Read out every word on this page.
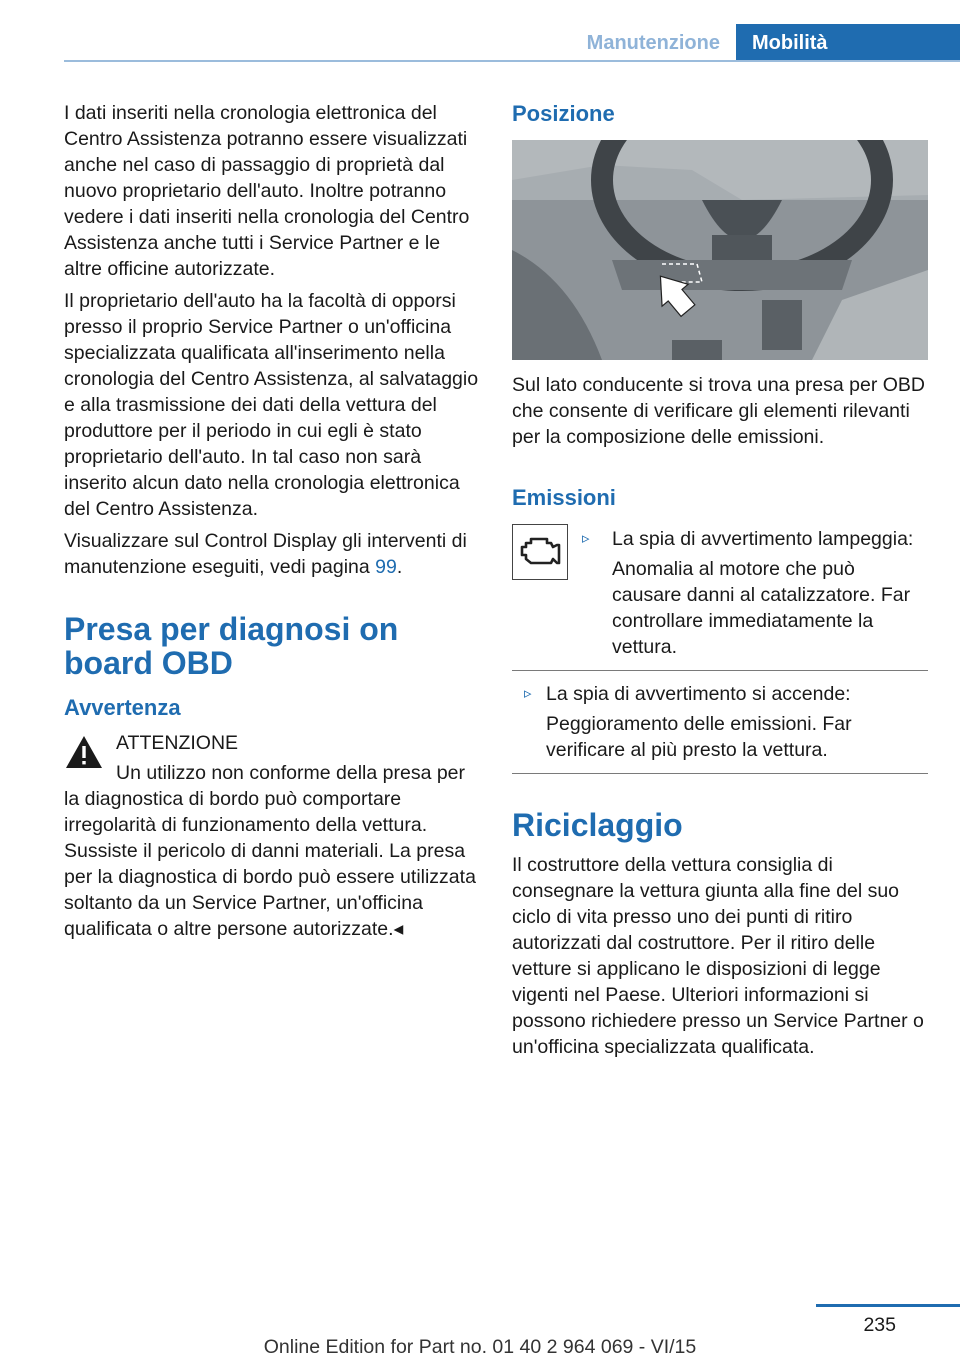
Manutenzione	Mobilità

I dati inseriti nella cronologia elettronica del Centro Assistenza potranno essere visualizzati anche nel caso di passaggio di proprietà dal nuovo proprietario dell'auto. Inoltre potranno vedere i dati inseriti nella cronologia del Centro Assistenza anche tutti i Service Partner e le altre officine autorizzate.

Il proprietario dell'auto ha la facoltà di opporsi presso il proprio Service Partner o un'officina specializzata qualificata all'inserimento nella cronologia del Centro Assistenza, al salvataggio e alla trasmissione dei dati della vettura del produttore per il periodo in cui egli è stato proprietario dell'auto. In tal caso non sarà inserito alcun dato nella cronologia elettronica del Centro Assistenza.

Visualizzare sul Control Display gli interventi di manutenzione eseguiti, vedi pagina 99.

Presa per diagnosi on board OBD
Avvertenza

ATTENZIONE

Un utilizzo non conforme della presa per la diagnostica di bordo può comportare irregolarità di funzionamento della vettura. Sussiste il pericolo di danni materiali. La presa per la diagnostica di bordo può essere utilizzata soltanto da un Service Partner, un'officina qualificata o altre persone autorizzate.◂

Posizione

Sul lato conducente si trova una presa per OBD che consente di verificare gli elementi rilevanti per la composizione delle emissioni.

Emissioni
▹ La spia di avvertimento lampeggia:
Anomalia al motore che può causare danni al catalizzatore. Far controllare immediatamente la vettura.
▹ La spia di avvertimento si accende:
Peggioramento delle emissioni. Far verificare al più presto la vettura.
Riciclaggio

Il costruttore della vettura consiglia di consegnare la vettura giunta alla fine del suo ciclo di vita presso uno dei punti di ritiro autorizzati dal costruttore. Per il ritiro delle vetture si applicano le disposizioni di legge vigenti nel Paese. Ulteriori informazioni si possono richiedere presso un Service Partner o un'officina specializzata qualificata.

235
Online Edition for Part no. 01 40 2 964 069 - VI/15
